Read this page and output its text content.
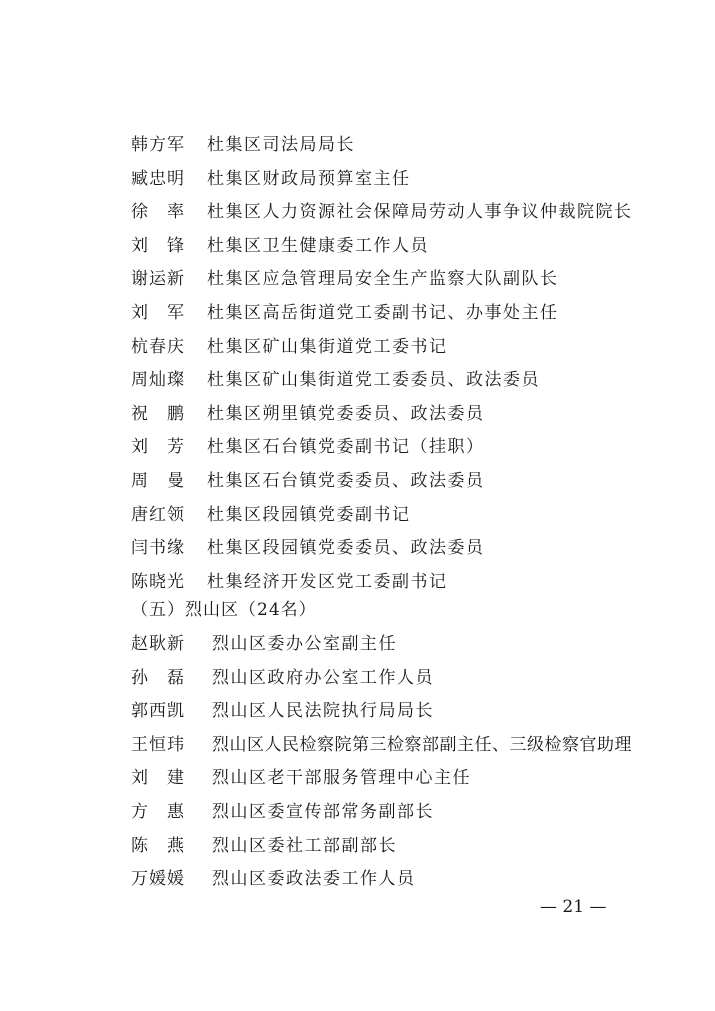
韩方军	杜集区司法局局长
臧忠明	杜集区财政局预算室主任
徐　率	杜集区人力资源社会保障局劳动人事争议仲裁院院长
刘　锋	杜集区卫生健康委工作人员
谢运新	杜集区应急管理局安全生产监察大队副队长
刘　军	杜集区高岳街道党工委副书记、办事处主任
杭春庆	杜集区矿山集街道党工委书记
周灿璨	杜集区矿山集街道党工委委员、政法委员
祝　鹏	杜集区朔里镇党委委员、政法委员
刘　芳	杜集区石台镇党委副书记（挂职）
周　曼	杜集区石台镇党委委员、政法委员
唐红领	杜集区段园镇党委副书记
闫书缘	杜集区段园镇党委委员、政法委员
陈晓光	杜集经济开发区党工委副书记
（五）烈山区（24名）
赵耿新	烈山区委办公室副主任
孙　磊	烈山区政府办公室工作人员
郭西凯	烈山区人民法院执行局局长
王恒玮	烈山区人民检察院第三检察部副主任、三级检察官助理
刘　建	烈山区老干部服务管理中心主任
方　惠	烈山区委宣传部常务副部长
陈　燕	烈山区委社工部副部长
万媛媛	烈山区委政法委工作人员
— 21 —
